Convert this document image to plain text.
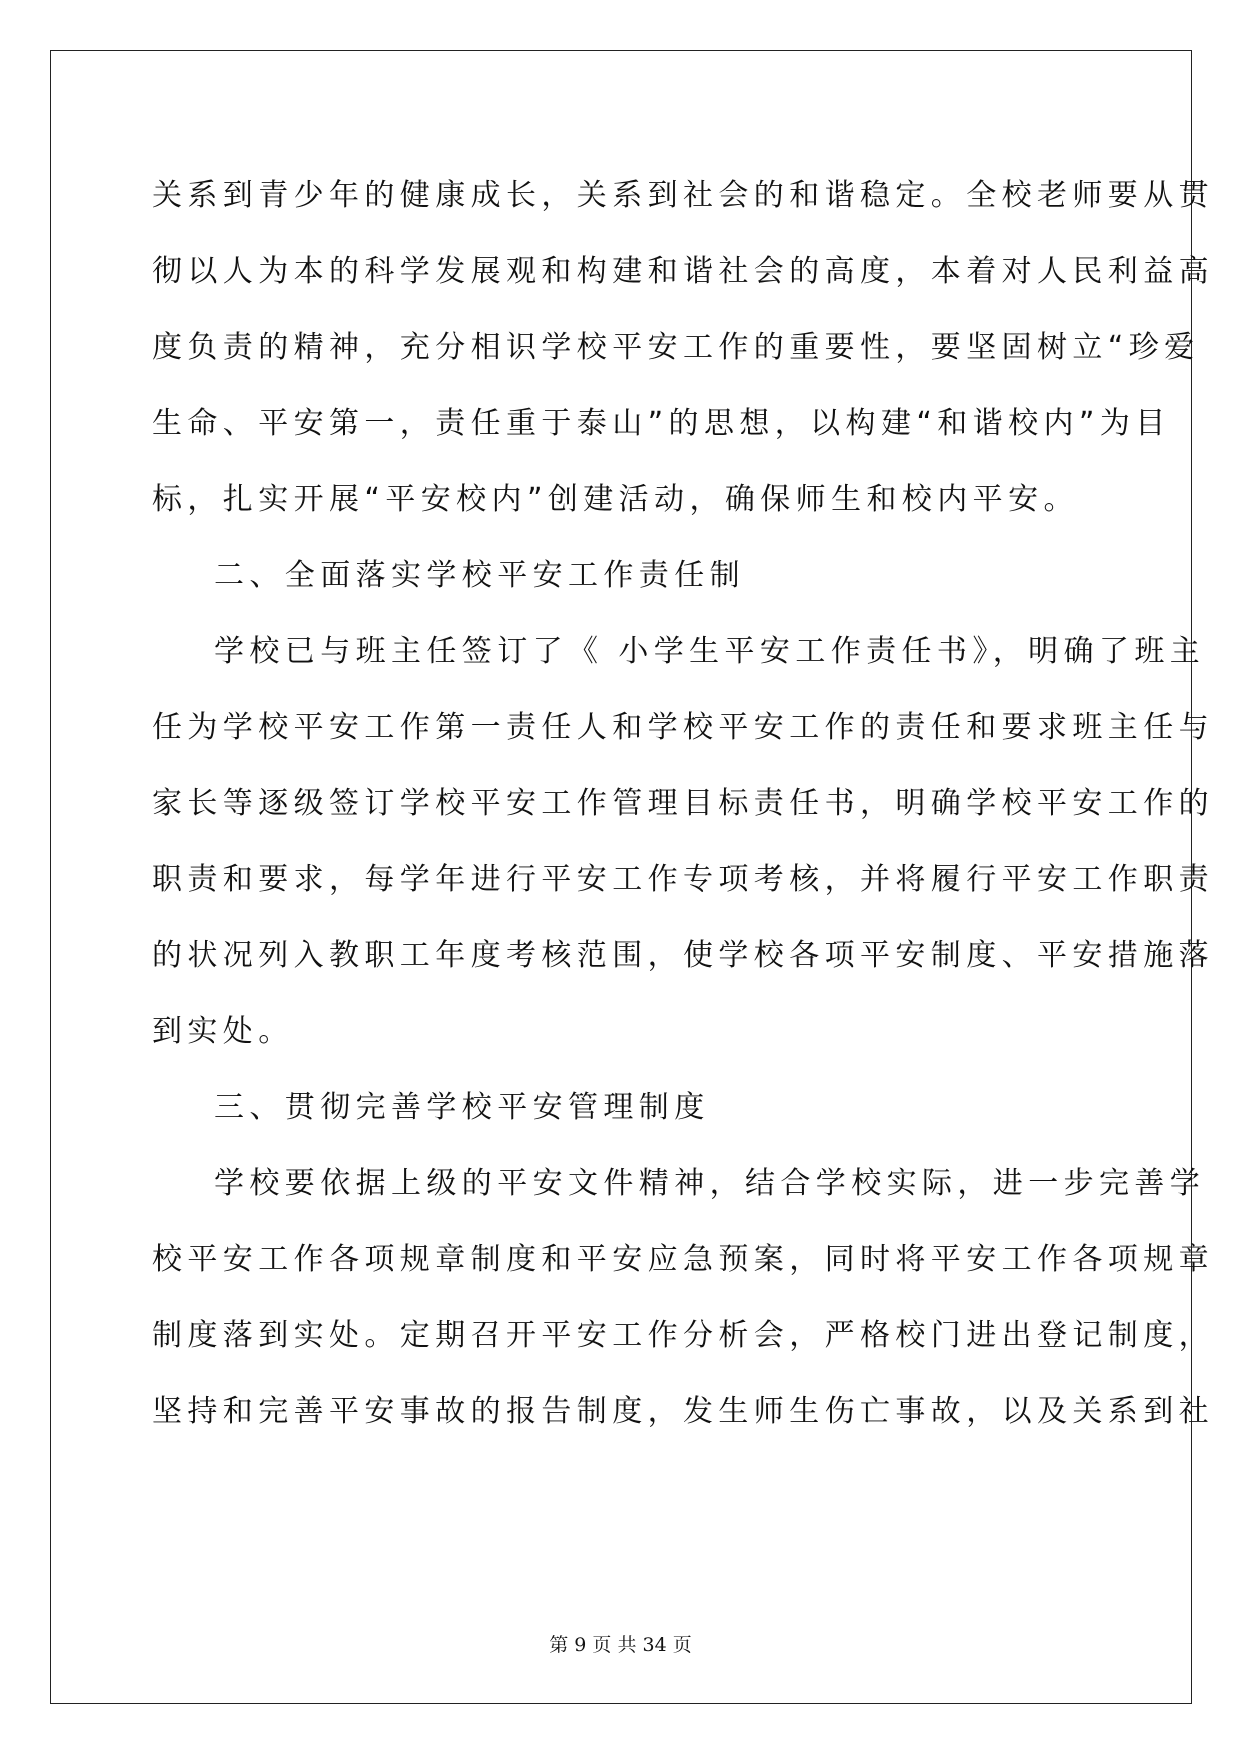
关系到青少年的健康成长，关系到社会的和谐稳定。全校老师要从贯
彻以人为本的科学发展观和构建和谐社会的高度，本着对人民利益高
度负责的精神，充分相识学校平安工作的重要性，要坚固树立“珍爱
生命、平安第一，责任重于泰山”的思想，以构建“和谐校内”为目
标，扎实开展“平安校内”创建活动，确保师生和校内平安。
二、全面落实学校平安工作责任制
学校已与班主任签订了《 小学生平安工作责任书》，明确了班主
任为学校平安工作第一责任人和学校平安工作的责任和要求班主任与
家长等逐级签订学校平安工作管理目标责任书，明确学校平安工作的
职责和要求，每学年进行平安工作专项考核，并将履行平安工作职责
的状况列入教职工年度考核范围，使学校各项平安制度、平安措施落
到实处。
三、贯彻完善学校平安管理制度
学校要依据上级的平安文件精神，结合学校实际，进一步完善学
校平安工作各项规章制度和平安应急预案，同时将平安工作各项规章
制度落到实处。定期召开平安工作分析会，严格校门进出登记制度，
坚持和完善平安事故的报告制度，发生师生伤亡事故，以及关系到社
第 9 页 共 34 页
